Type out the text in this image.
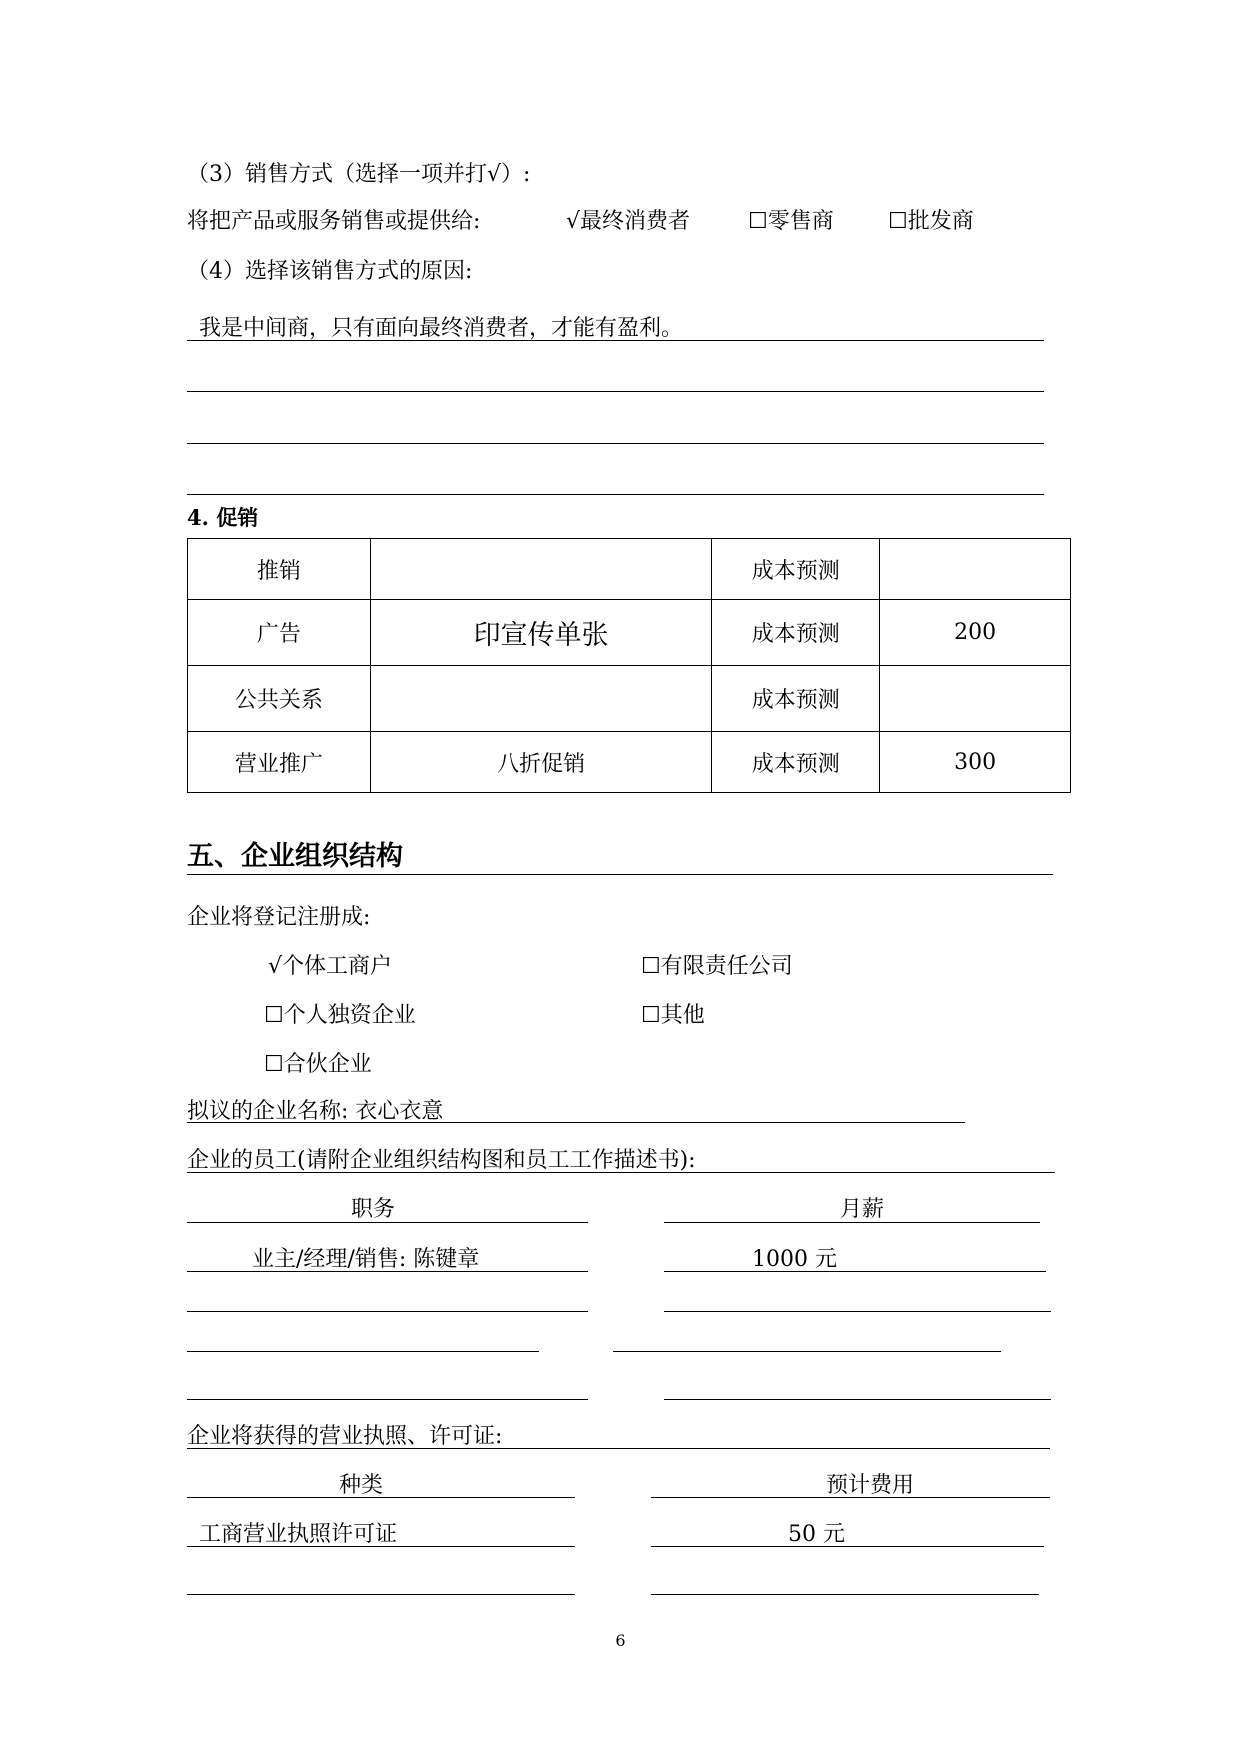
（3）销售方式（选择一项并打√）:
将把产品或服务销售或提供给:	√最终消费者	☐零售商 ☐批发商
（4）选择该销售方式的原因:
我是中间商，只有面向最终消费者，才能有盈利。
4. 促销
推销		成本预测	
广告	印宣传单张	成本预测	200
公共关系		成本预测	
营业推广	八折促销	成本预测	300
五、企业组织结构
企业将登记注册成:
√个体工商户	☐有限责任公司
☐个人独资企业	☐其他
☐合伙企业
拟议的企业名称: 衣心衣意
企业的员工(请附企业组织结构图和员工工作描述书):
职务	月薪
业主/经理/销售: 陈键章	1000 元
企业将获得的营业执照、许可证:
种类	预计费用
工商营业执照许可证	50 元
6
